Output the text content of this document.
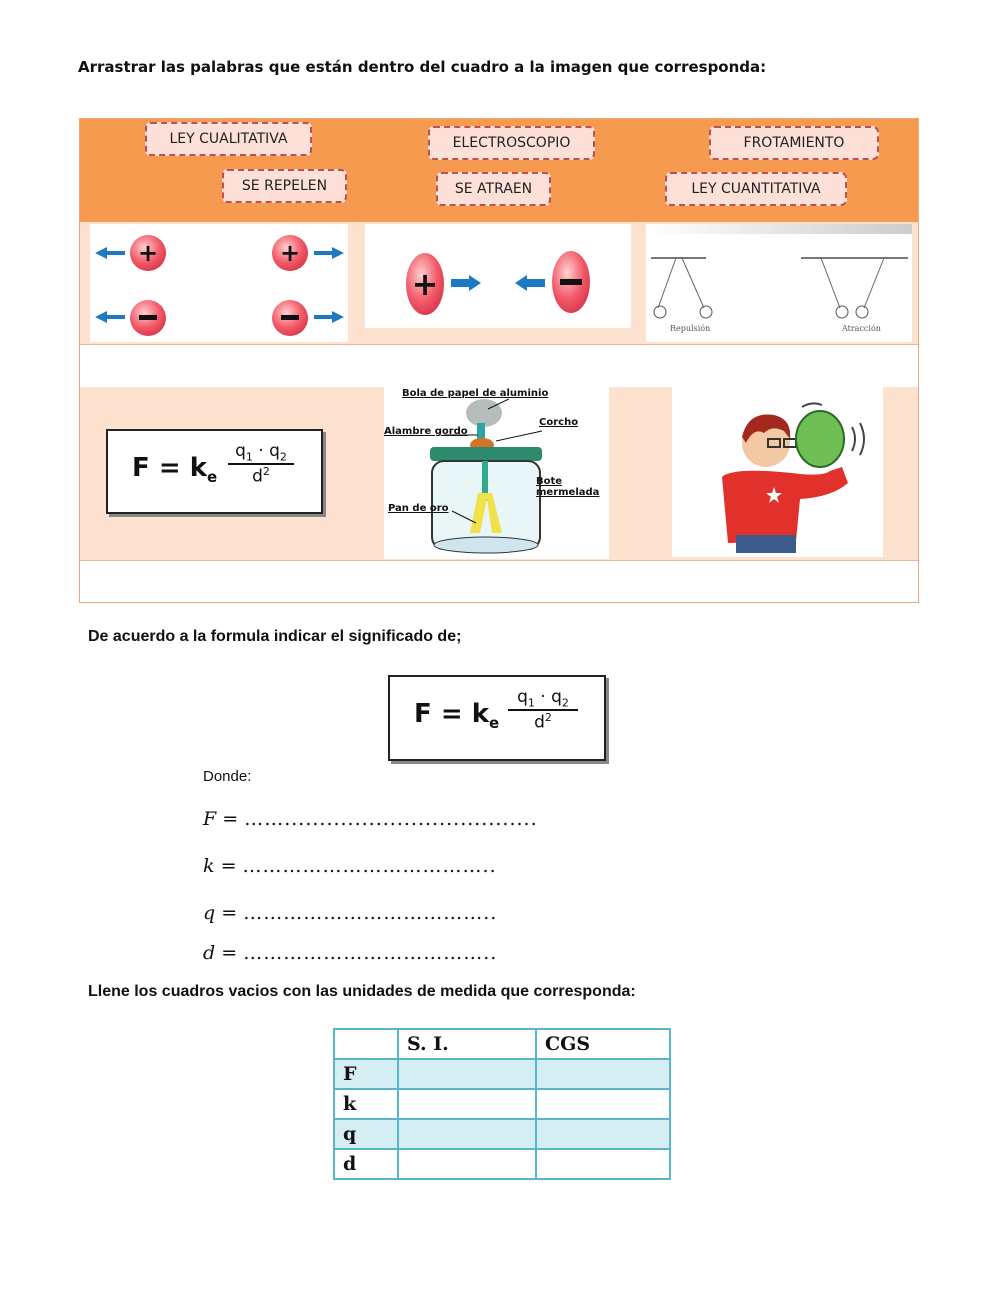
Arrastrar las palabras que están dentro del cuadro a la imagen que corresponda:
LEY CUALITATIVA	ELECTROSCOPIO	FROTAMIENTO
SE REPELEN	SE ATRAEN	LEY CUANTITATIVA
+	+
+
Repulsión	Atracción
$F = k_e$
$q_1 \cdot q_2$
$d^2$
Bola de papel de aluminio
Corcho
Alambre gordo
Bote mermelada
Pan de oro
De acuerdo a la formula indicar el significado de;
$F = k_e$
$q_1 \cdot q_2$
$d^2$
Donde:
F = ……....................................
k = ………………………………..
q = ………………………………..
d = ………………………………..
Llene los cuadros vacios con las unidades de medida que corresponda:
	S. I.	CGS
F		
k		
q		
d		
